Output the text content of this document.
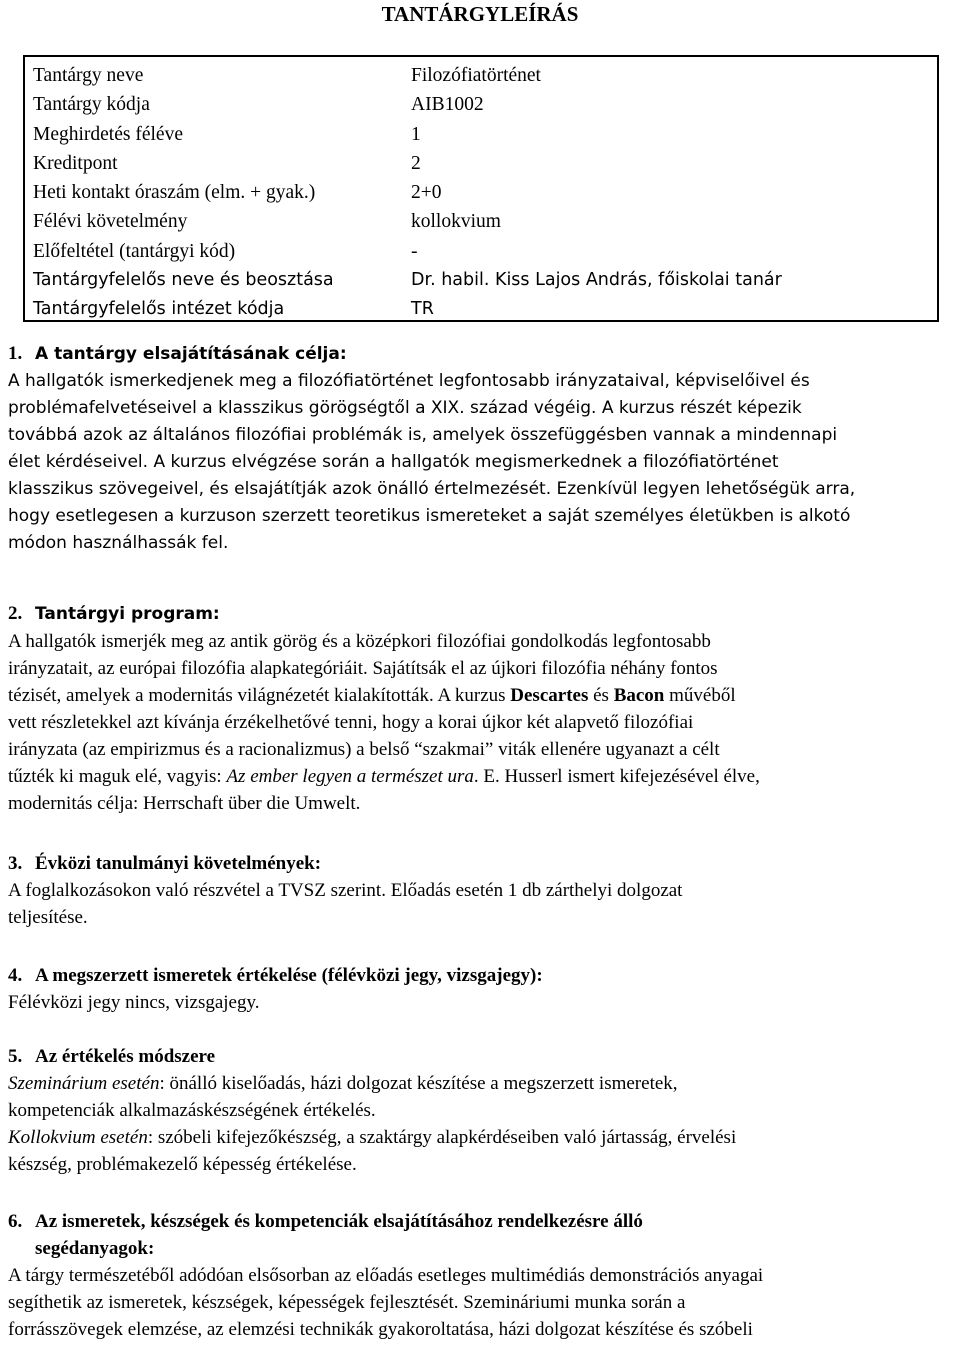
TANTÁRGYLEÍRÁS
Tantárgy neve	Filozófiatörténet
Tantárgy kódja	AIB1002
Meghirdetés féléve	1
Kreditpont	2
Heti kontakt óraszám (elm. + gyak.)	2+0
Félévi követelmény	kollokvium
Előfeltétel (tantárgyi kód)	-
Tantárgyfelelős neve és beosztása	Dr. habil. Kiss Lajos András, főiskolai tanár
Tantárgyfelelős intézet kódja	TR
1. A tantárgy elsajátításának célja:
A hallgatók ismerkedjenek meg a filozófiatörténet legfontosabb irányzataival, képviselőivel és
problémafelvetéseivel a klasszikus görögségtől a XIX. század végéig. A kurzus részét képezik
továbbá azok az általános filozófiai problémák is, amelyek összefüggésben vannak a mindennapi
élet kérdéseivel. A kurzus elvégzése során a hallgatók megismerkednek a filozófiatörténet
klasszikus szövegeivel, és elsajátítják azok önálló értelmezését. Ezenkívül legyen lehetőségük arra,
hogy esetlegesen a kurzuson szerzett teoretikus ismereteket a saját személyes életükben is alkotó
módon használhassák fel.
2. Tantárgyi program:
A hallgatók ismerjék meg az antik görög és a középkori filozófiai gondolkodás legfontosabb
irányzatait, az európai filozófia alapkategóriáit. Sajátítsák el az újkori filozófia néhány fontos
tézisét, amelyek a modernitás világnézetét kialakították. A kurzus Descartes és Bacon művéből
vett részletekkel azt kívánja érzékelhetővé tenni, hogy a korai újkor két alapvető filozófiai
irányzata (az empirizmus és a racionalizmus) a belső “szakmai” viták ellenére ugyanazt a célt
tűzték ki maguk elé, vagyis: Az ember legyen a természet ura. E. Husserl ismert kifejezésével élve,
modernitás célja: Herrschaft über die Umwelt.
3. Évközi tanulmányi követelmények:
A foglalkozásokon való részvétel a TVSZ szerint. Előadás esetén 1 db zárthelyi dolgozat
teljesítése.
4. A megszerzett ismeretek értékelése (félévközi jegy, vizsgajegy):
Félévközi jegy nincs, vizsgajegy.
5. Az értékelés módszere
Szeminárium esetén: önálló kiselőadás, házi dolgozat készítése a megszerzett ismeretek,
kompetenciák alkalmazáskészségének értékelés.
Kollokvium esetén: szóbeli kifejezőkészség, a szaktárgy alapkérdéseiben való jártasság, érvelési
készség, problémakezelő képesség értékelése.
6. Az ismeretek, készségek és kompetenciák elsajátításához rendelkezésre álló
segédanyagok:
A tárgy természetéből adódóan elsősorban az előadás esetleges multimédiás demonstrációs anyagai
segíthetik az ismeretek, készségek, képességek fejlesztését. Szemináriumi munka során a
forrásszövegek elemzése, az elemzési technikák gyakoroltatása, házi dolgozat készítése és szóbeli
